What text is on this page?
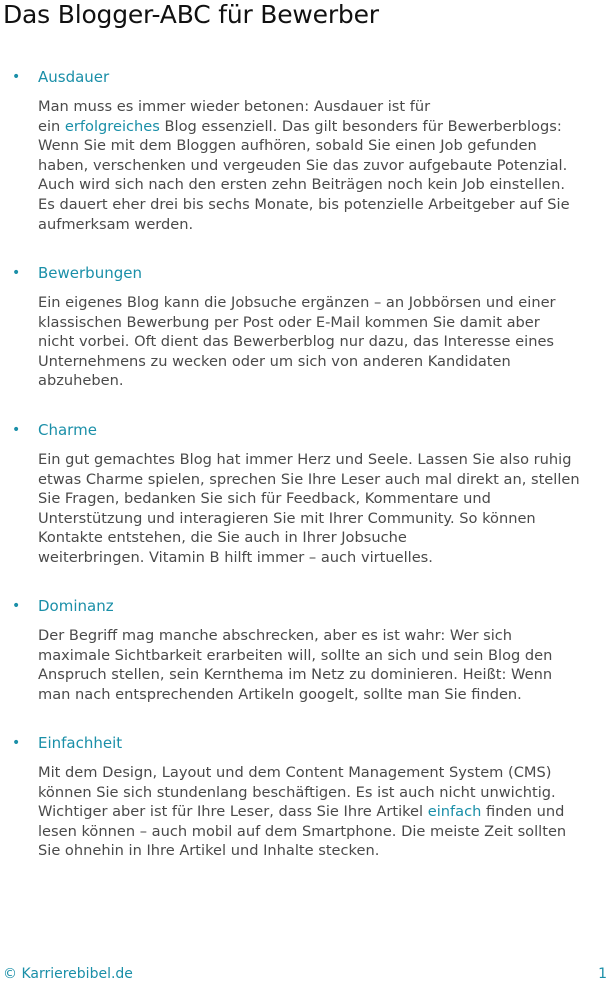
Das Blogger-ABC für Bewerber
• Ausdauer

Man muss es immer wieder betonen: Ausdauer ist für
ein erfolgreiches Blog essenziell. Das gilt besonders für Bewerberblogs:
Wenn Sie mit dem Bloggen aufhören, sobald Sie einen Job gefunden
haben, verschenken und vergeuden Sie das zuvor aufgebaute Potenzial.
Auch wird sich nach den ersten zehn Beiträgen noch kein Job einstellen.
Es dauert eher drei bis sechs Monate, bis potenzielle Arbeitgeber auf Sie
aufmerksam werden.

• Bewerbungen

Ein eigenes Blog kann die Jobsuche ergänzen – an Jobbörsen und einer
klassischen Bewerbung per Post oder E-Mail kommen Sie damit aber
nicht vorbei. Oft dient das Bewerberblog nur dazu, das Interesse eines
Unternehmens zu wecken oder um sich von anderen Kandidaten
abzuheben.

• Charme

Ein gut gemachtes Blog hat immer Herz und Seele. Lassen Sie also ruhig
etwas Charme spielen, sprechen Sie Ihre Leser auch mal direkt an, stellen
Sie Fragen, bedanken Sie sich für Feedback, Kommentare und
Unterstützung und interagieren Sie mit Ihrer Community. So können
Kontakte entstehen, die Sie auch in Ihrer Jobsuche
weiterbringen. Vitamin B hilft immer – auch virtuelles.

• Dominanz

Der Begriff mag manche abschrecken, aber es ist wahr: Wer sich
maximale Sichtbarkeit erarbeiten will, sollte an sich und sein Blog den
Anspruch stellen, sein Kernthema im Netz zu dominieren. Heißt: Wenn
man nach entsprechenden Artikeln googelt, sollte man Sie finden.

• Einfachheit

Mit dem Design, Layout und dem Content Management System (CMS)
können Sie sich stundenlang beschäftigen. Es ist auch nicht unwichtig.
Wichtiger aber ist für Ihre Leser, dass Sie Ihre Artikel einfach finden und
lesen können – auch mobil auf dem Smartphone. Die meiste Zeit sollten
Sie ohnehin in Ihre Artikel und Inhalte stecken.

© Karrierebibel.de	1
